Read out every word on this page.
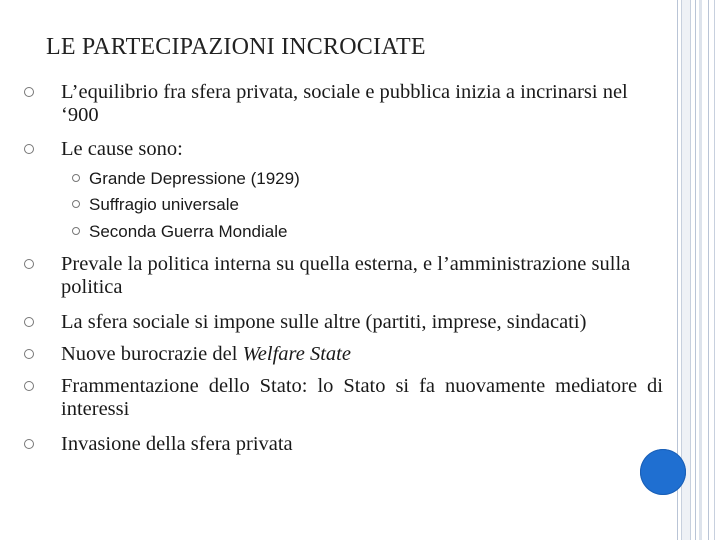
LE PARTECIPAZIONI INCROCIATE
L’equilibrio fra sfera privata, sociale e pubblica inizia a incrinarsi nel ‘900
Le cause sono:
Grande Depressione (1929)
Suffragio universale
Seconda Guerra Mondiale
Prevale la politica interna su quella esterna, e l’amministrazione sulla politica
La sfera sociale si impone sulle altre (partiti, imprese, sindacati)
Nuove burocrazie del Welfare State
Frammentazione dello Stato: lo Stato si fa nuovamente mediatore di interessi
Invasione della sfera privata
